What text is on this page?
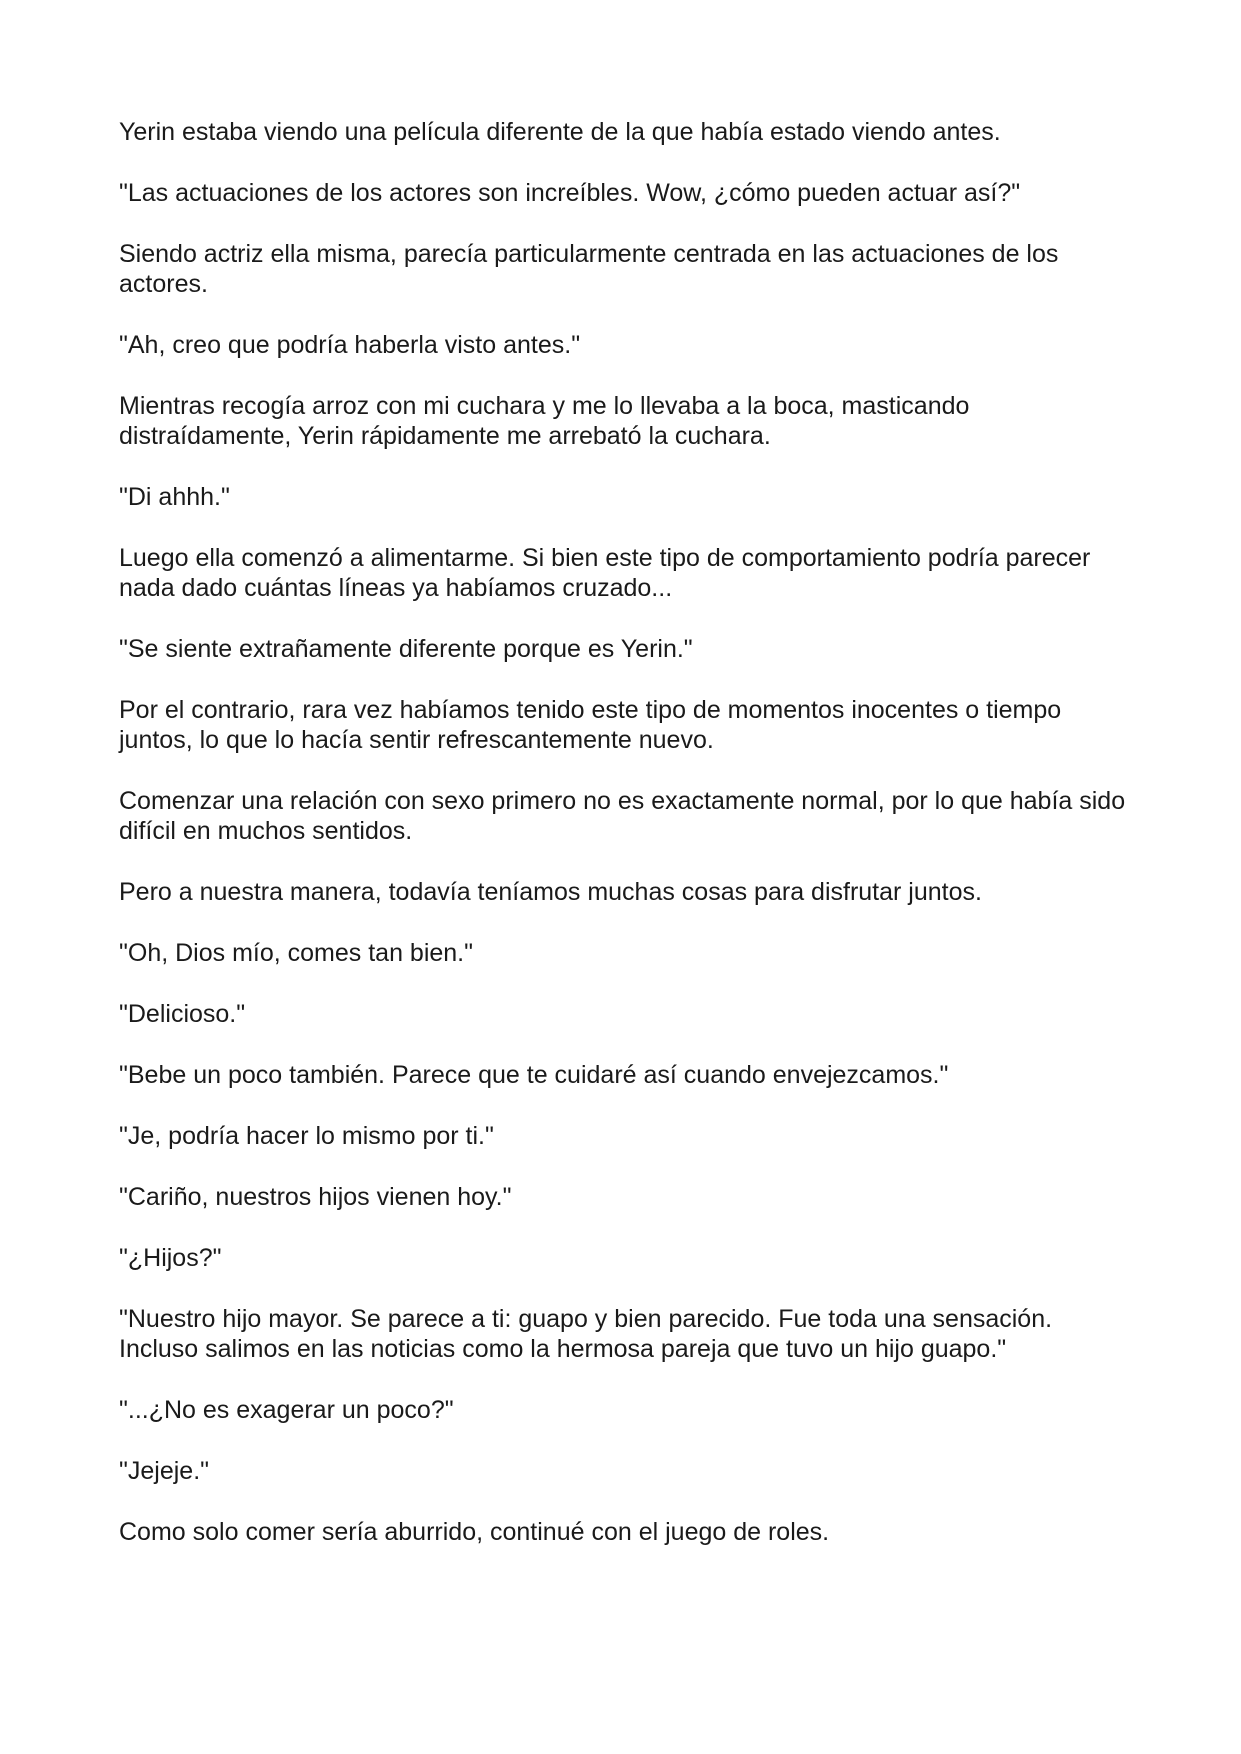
Yerin estaba viendo una película diferente de la que había estado viendo antes.

"Las actuaciones de los actores son increíbles. Wow, ¿cómo pueden actuar así?"

Siendo actriz ella misma, parecía particularmente centrada en las actuaciones de los actores.

"Ah, creo que podría haberla visto antes."

Mientras recogía arroz con mi cuchara y me lo llevaba a la boca, masticando distraídamente, Yerin rápidamente me arrebató la cuchara.

"Di ahhh."

Luego ella comenzó a alimentarme. Si bien este tipo de comportamiento podría parecer nada dado cuántas líneas ya habíamos cruzado...

"Se siente extrañamente diferente porque es Yerin."

Por el contrario, rara vez habíamos tenido este tipo de momentos inocentes o tiempo juntos, lo que lo hacía sentir refrescantemente nuevo.

Comenzar una relación con sexo primero no es exactamente normal, por lo que había sido difícil en muchos sentidos.

Pero a nuestra manera, todavía teníamos muchas cosas para disfrutar juntos.

"Oh, Dios mío, comes tan bien."

"Delicioso."

"Bebe un poco también. Parece que te cuidaré así cuando envejezcamos."

"Je, podría hacer lo mismo por ti."

"Cariño, nuestros hijos vienen hoy."

"¿Hijos?"

"Nuestro hijo mayor. Se parece a ti: guapo y bien parecido. Fue toda una sensación. Incluso salimos en las noticias como la hermosa pareja que tuvo un hijo guapo."

"...¿No es exagerar un poco?"

"Jejeje."

Como solo comer sería aburrido, continué con el juego de roles.
